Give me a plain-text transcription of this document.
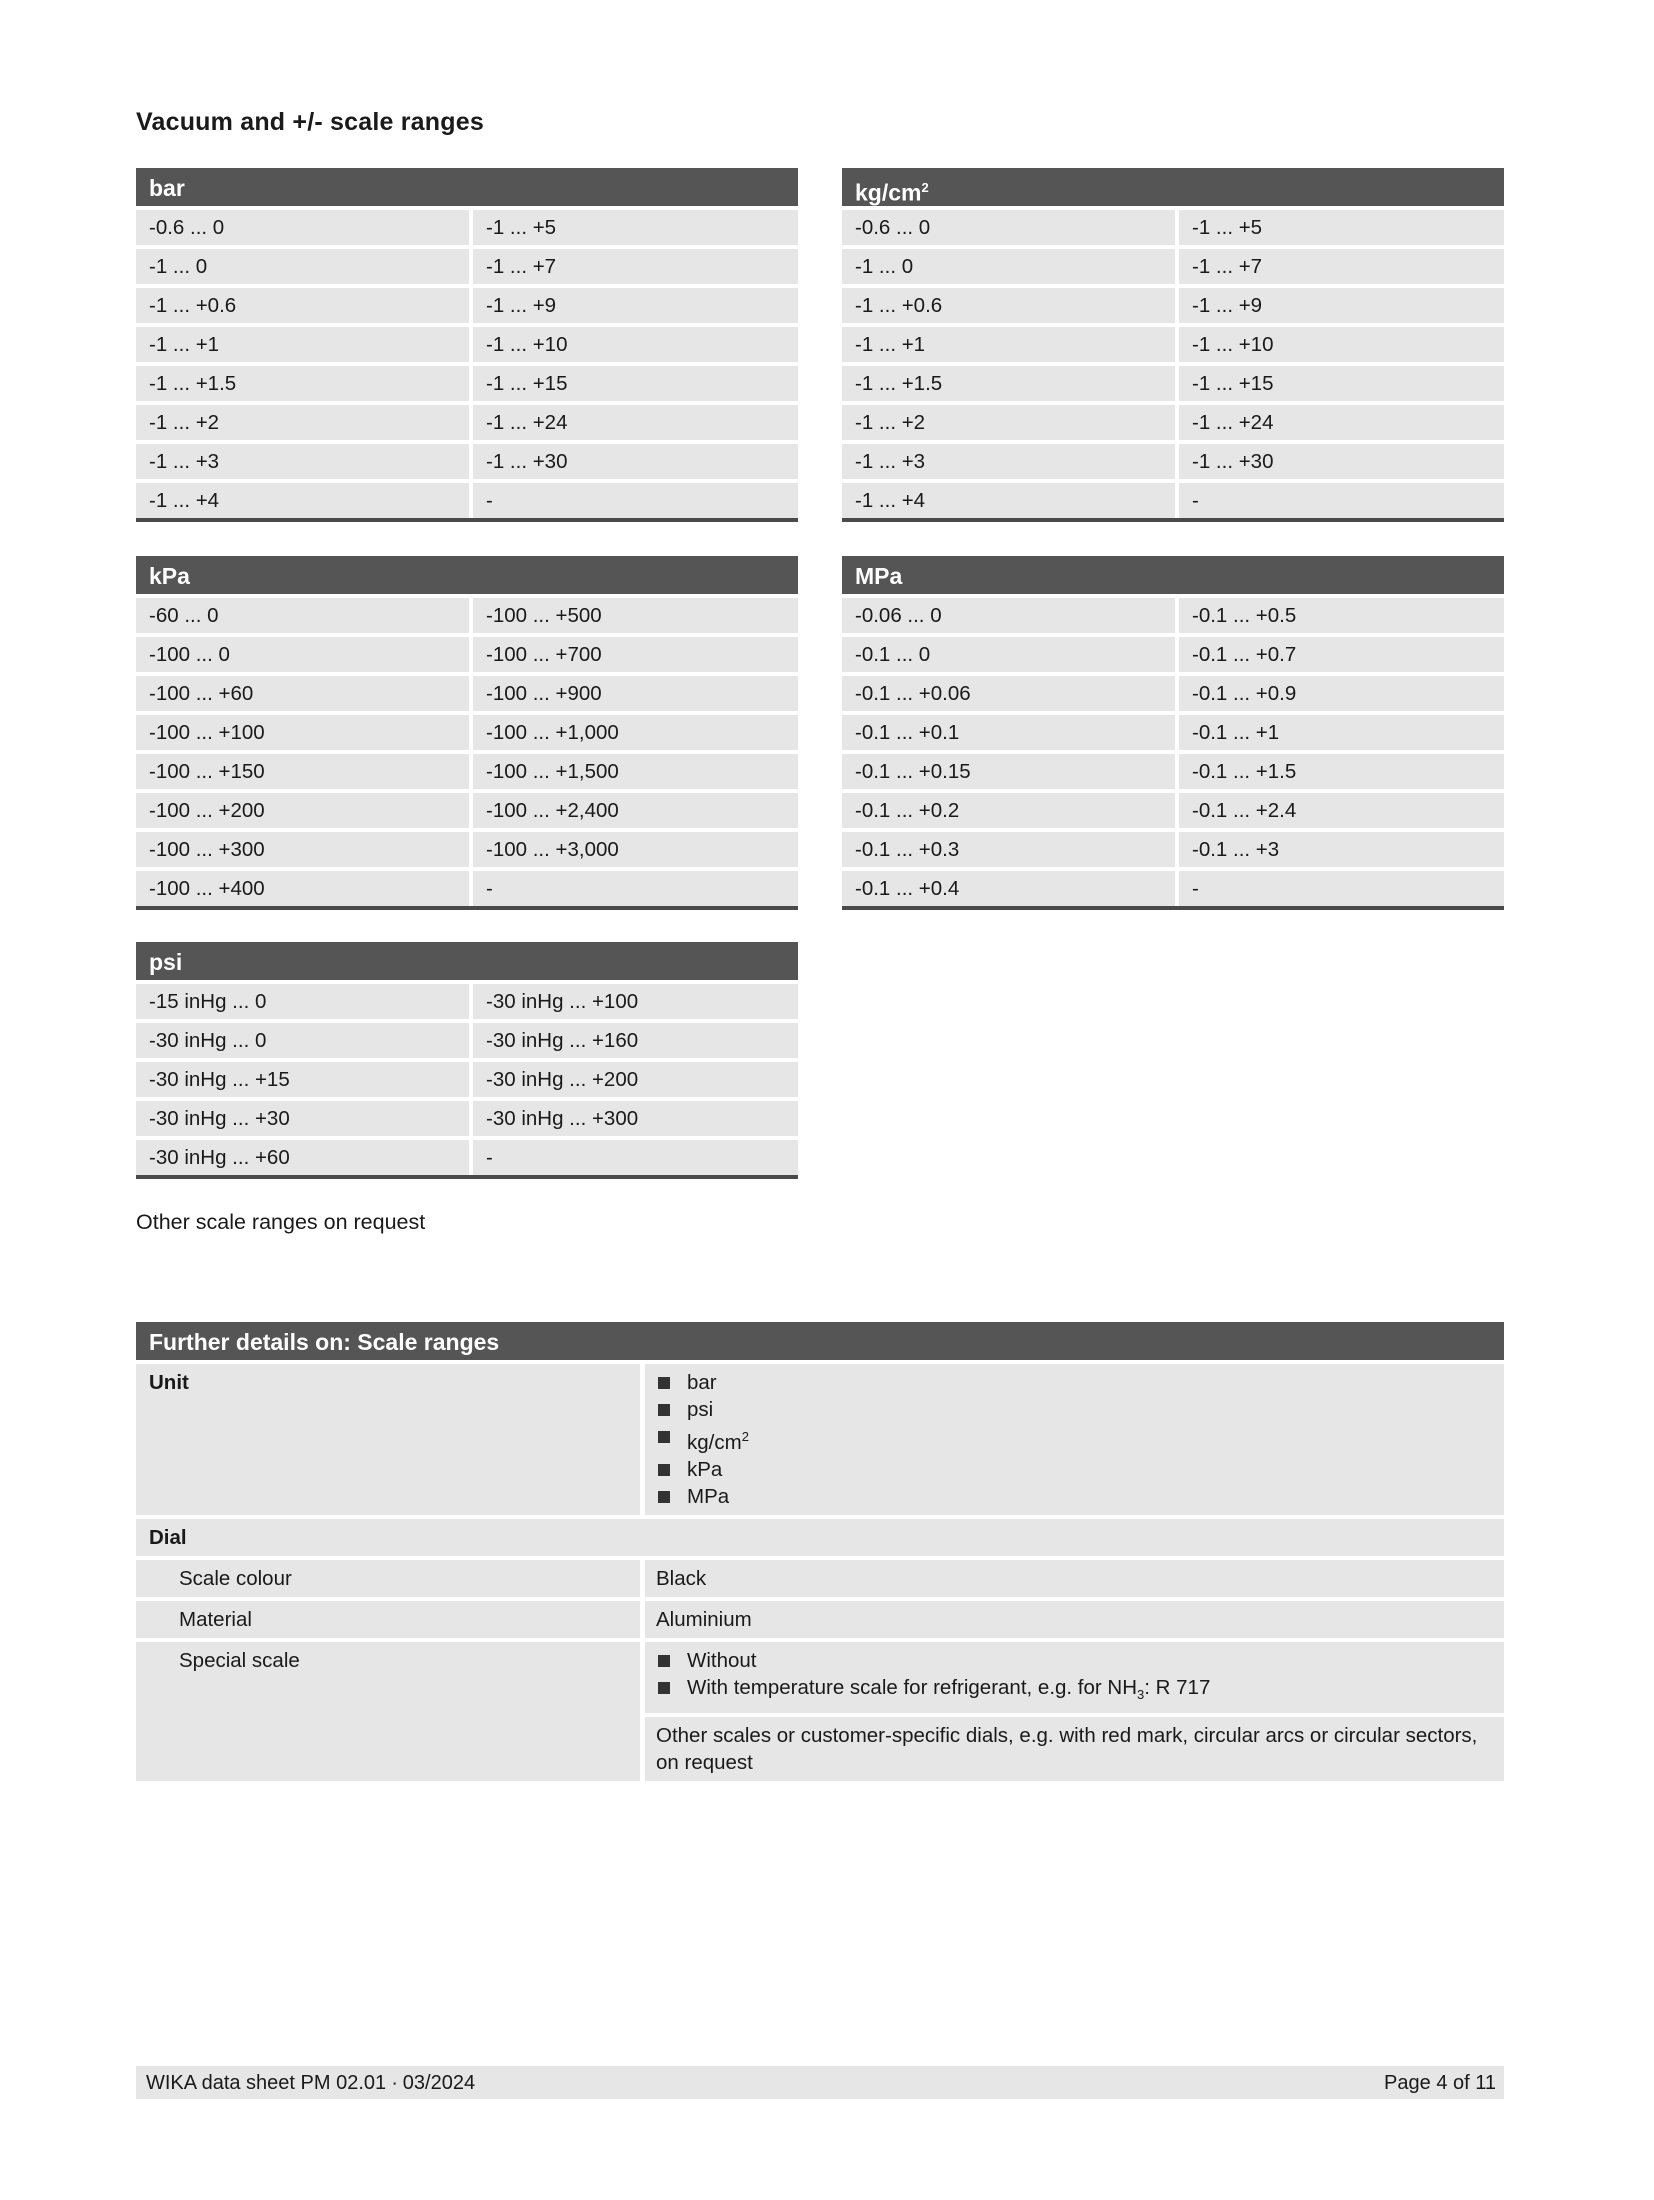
Vacuum and +/- scale ranges
bar
-0.6 ... 0	-1 ... +5
-1 ... 0	-1 ... +7
-1 ... +0.6	-1 ... +9
-1 ... +1	-1 ... +10
-1 ... +1.5	-1 ... +15
-1 ... +2	-1 ... +24
-1 ... +3	-1 ... +30
-1 ... +4	-
$kg/cm^2$
-0.6 ... 0	-1 ... +5
-1 ... 0	-1 ... +7
-1 ... +0.6	-1 ... +9
-1 ... +1	-1 ... +10
-1 ... +1.5	-1 ... +15
-1 ... +2	-1 ... +24
-1 ... +3	-1 ... +30
-1 ... +4	-
kPa
-60 ... 0	-100 ... +500
-100 ... 0	-100 ... +700
-100 ... +60	-100 ... +900
-100 ... +100	-100 ... +1,000
-100 ... +150	-100 ... +1,500
-100 ... +200	-100 ... +2,400
-100 ... +300	-100 ... +3,000
-100 ... +400	-
MPa
-0.06 ... 0	-0.1 ... +0.5
-0.1 ... 0	-0.1 ... +0.7
-0.1 ... +0.06	-0.1 ... +0.9
-0.1 ... +0.1	-0.1 ... +1
-0.1 ... +0.15	-0.1 ... +1.5
-0.1 ... +0.2	-0.1 ... +2.4
-0.1 ... +0.3	-0.1 ... +3
-0.1 ... +0.4	-
psi
-15 inHg ... 0	-30 inHg ... +100
-30 inHg ... 0	-30 inHg ... +160
-30 inHg ... +15	-30 inHg ... +200
-30 inHg ... +30	-30 inHg ... +300
-30 inHg ... +60	-
Other scale ranges on request
Further details on: Scale ranges
Unit	bar
psi
$kg/cm^2$
kPa
MPa
Dial
Scale colour	Black
Material	Aluminium
Special scale	Without
With temperature scale for refrigerant, e.g. for $NH_3$: R 717
Other scales or customer-specific dials, e.g. with red mark, circular arcs or circular sectors, on request
WIKA data sheet PM 02.01 ∙ 03/2024	Page 4 of 11
